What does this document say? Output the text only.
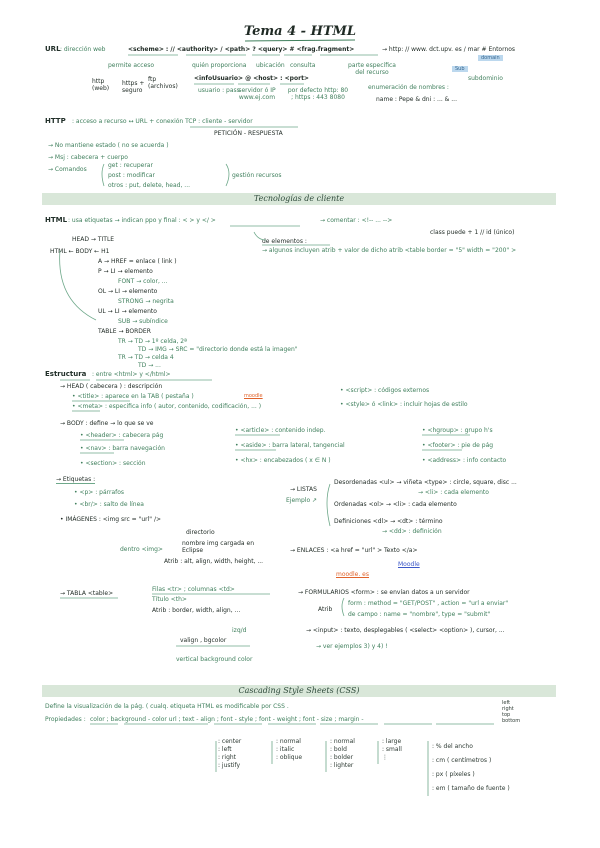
Tema 4 - HTML
URL : dirección web	<scheme> : // <authority> / <path> ? <query> # <frag.fragment>	→ http: // www. dct.upv. es / mar # Entornos
domain
Sub
subdominio
permite acceso	quién proporciona ubicación consulta	parte específica del recurso
http (web)
https + seguro
ftp (archivos)
<infoUsuario> @ <host> : <port>
usuario : pass
servidor ó IP www.ej.com
por defecto http: 80 ; https : 443 8080
enumeración de nombres :
name : Pepe & dni : ... & ...
HTTP : acceso a recurso ↔ URL + conexión TCP : cliente - servidor
PETICIÓN - RESPUESTA
→ No mantiene estado ( no se acuerda )
→ Msj : cabecera + cuerpo
→ Comandos
get : recuperar
post : modificar
otros : put, delete, head, ...
gestión recursos
Tecnologías de cliente
HTML : usa etiquetas → indican ppo y final : < > y </ >	→ comentar : <!-- ... -->
class puede + 1 // id (único)
de elementos :
→ algunos incluyen atrib + valor de dicho atrib <table border = "5" width = "200" >
HEAD → TITLE
HTML ← BODY ← H1
A → HREF = enlace ( link )
P → LI → elemento
FONT → color, ...
OL → LI → elemento
STRONG → negrita
UL → LI → elemento
SUB → subíndice
TABLE → BORDER
TR → TD → 1º celda, 2ª
TD → IMG → SRC = "directorio donde está la imagen"
TR → TD → celda 4
TD → ...
Estructura : entre <html> y </html>
→ HEAD ( cabecera ) : descripción
• <title> : aparece en la TAB ( pestaña )	moodle
• <meta> : especifica info ( autor, contenido, codificación, ... )
• <script> : códigos externos
• <style> ó <link> : incluir hojas de estilo
→ BODY : define → lo que se ve
• <header> : cabecera pág
• <nav> : barra navegación
• <section> : sección
• <article> : contenido indep.
• <aside> : barra lateral, tangencial
• <hx> : encabezados ( x ∈ N )
• <hgroup> : grupo h's
• <footer> : pie de pág
• <address> : info contacto
→ Etiquetas :
• <p> : párrafos
• <br/> : salto de línea
• IMÁGENES : <img src = "url" />
directorio
nombre img cargada en Eclipse
Atrib : alt, align, width, height, ...
dentro <img>
→ LISTAS
Ejemplo ↗
Desordenadas <ul> → viñeta <type> : circle, square, disc ...
→ <li> : cada elemento
Ordenadas <ol> → <li> : cada elemento
Definiciones <dl> → <dt> : término
→ <dd> : definición
→ ENLACES : <a href = "url" > Texto </a>
Moodle
moodle. es
→ TABLA <table>
Filas <tr> ; columnas <td>
Título <th>
Atrib : border, width, align, ...
izq/d
valign , bgcolor
vertical background color
→ FORMULARIOS <form> : se envían datos a un servidor
Atrib
form : method = "GET/POST" , action = "url a enviar"
de campo : name = "nombre", type = "submit"
→ <input> : texto, desplegables ( <select> <option> ), cursor, ...
→ ver ejemplos 3) y 4) !
Cascading Style Sheets (CSS)
Define la visualización de la pág. ( cualq. etiqueta HTML es modificable por CSS .
Propiedades : color ; background - color url ; text - align ; font - style ; font - weight ; font - size ; margin -
left
right
top
bottom
: center
: left
: right
: justify
: normal
: italic
: oblique
: normal
: bold
: bolder
: lighter
: large
: small
⋮
: % del ancho
: cm ( centímetros )
: px ( píxeles )
: em ( tamaño de fuente )
